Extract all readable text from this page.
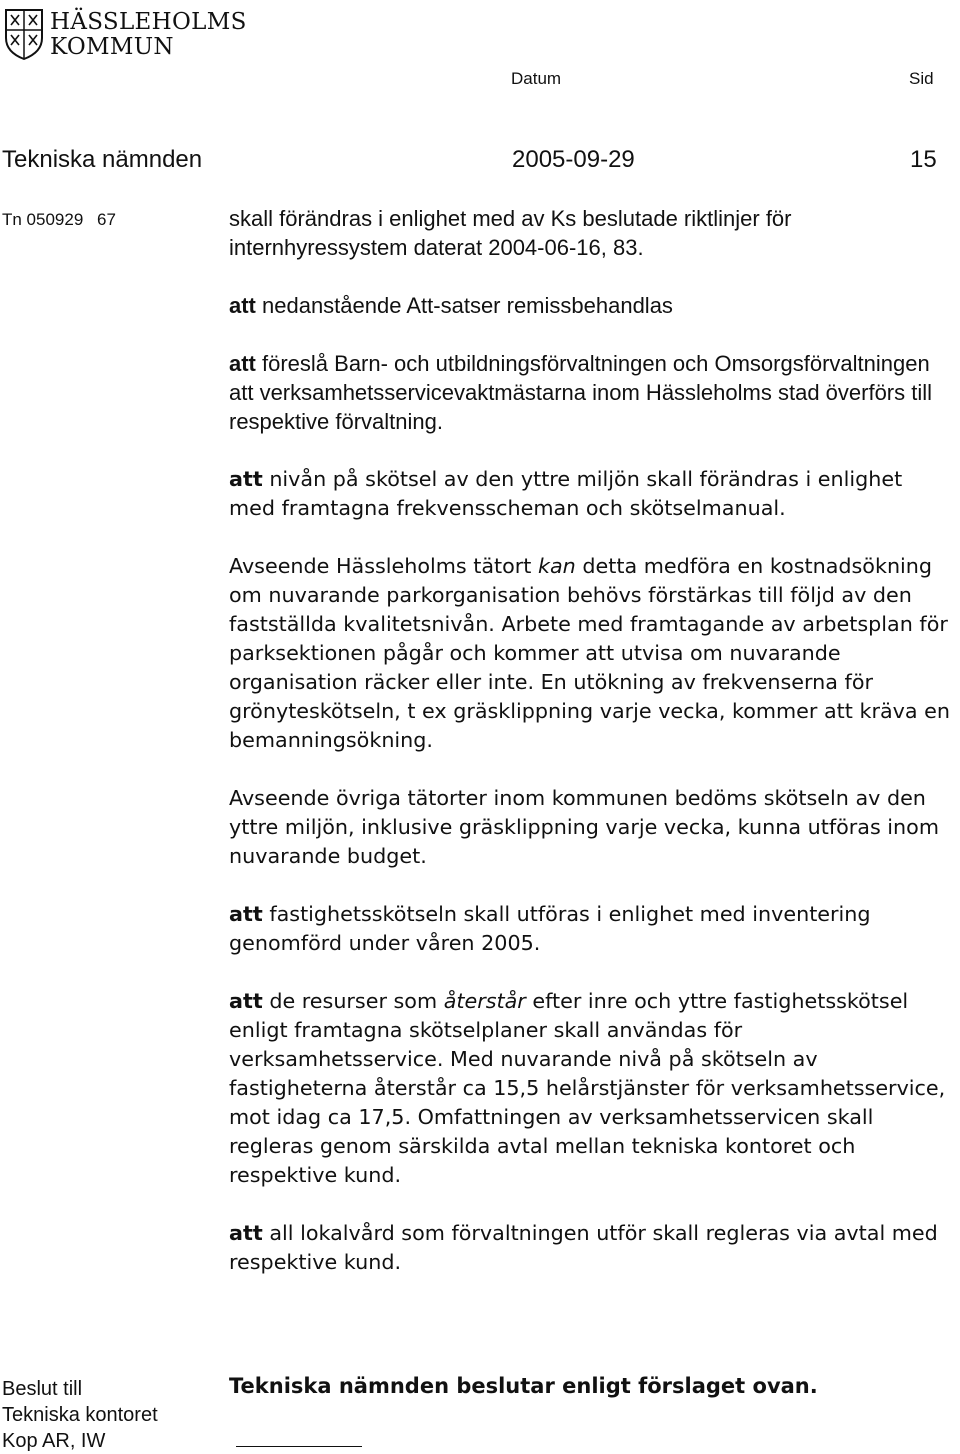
HÄSSLEHOLMS
KOMMUN
Datum	Sid
Tekniska nämnden	2005-09-29	15
Tn 050929 67	skall förändras i enlighet med av Ks beslutade riktlinjer för internhyressystem daterat 2004-06-16, 83.

att nedanstående Att-satser remissbehandlas

att föreslå Barn- och utbildningsförvaltningen och Omsorgsförvaltningen att verksamhetsservicevaktmästarna inom Hässleholms stad överförs till respektive förvaltning.

att nivån på skötsel av den yttre miljön skall förändras i enlighet med framtagna frekvensscheman och skötselmanual.

Avseende Hässleholms tätort kan detta medföra en kostnadsökning om nuvarande parkorganisation behövs förstärkas till följd av den fastställda kvalitetsnivån. Arbete med framtagande av arbetsplan för parksektionen pågår och kommer att utvisa om nuvarande organisation räcker eller inte. En utökning av frekvenserna för grönyteskötseln, t ex gräsklippning varje vecka, kommer att kräva en bemanningsökning.

Avseende övriga tätorter inom kommunen bedöms skötseln av den yttre miljön, inklusive gräsklippning varje vecka, kunna utföras inom nuvarande budget.

att fastighetsskötseln skall utföras i enlighet med inventering genomförd under våren 2005.

att de resurser som återstår efter inre och yttre fastighetsskötsel enligt framtagna skötselplaner skall användas för verksamhetsservice. Med nuvarande nivå på skötseln av fastigheterna återstår ca 15,5 helårstjänster för verksamhetsservice, mot idag ca 17,5. Omfattningen av verksamhetsservicen skall regleras genom särskilda avtal mellan tekniska kontoret och respektive kund.

att all lokalvård som förvaltningen utför skall regleras via avtal med respektive kund.

Beslut till
Tekniska kontoret
Kop AR, IW
Tekniska nämnden beslutar enligt förslaget ovan.
